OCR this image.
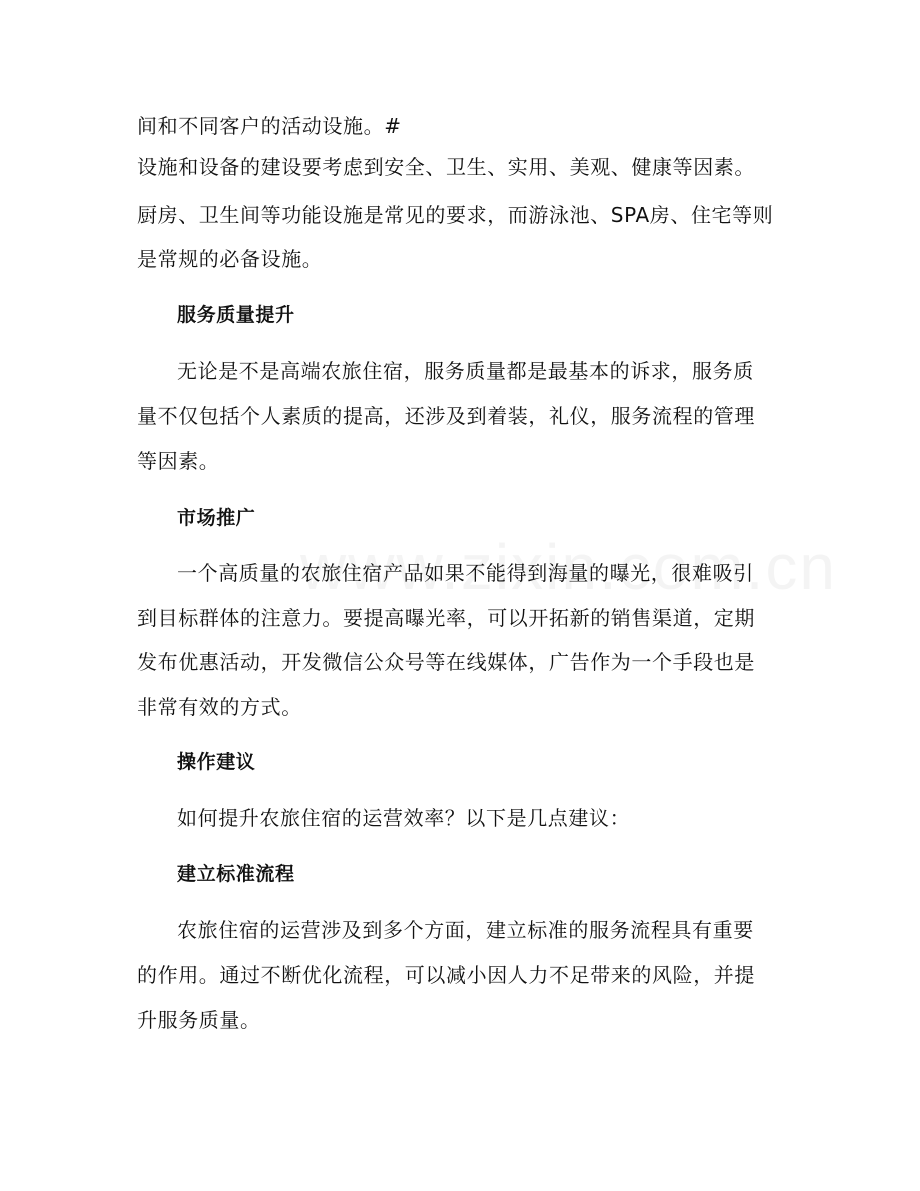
间和不同客户的活动设施。#
设施和设备的建设要考虑到安全、卫生、实用、美观、健康等因素。
厨房、卫生间等功能设施是常见的要求，而游泳池、SPA房、住宅等则
是常规的必备设施。
服务质量提升
无论是不是高端农旅住宿，服务质量都是最基本的诉求，服务质
量不仅包括个人素质的提高，还涉及到着装，礼仪，服务流程的管理
等因素。
市场推广
一个高质量的农旅住宿产品如果不能得到海量的曝光，很难吸引
到目标群体的注意力。要提高曝光率，可以开拓新的销售渠道，定期
发布优惠活动，开发微信公众号等在线媒体，广告作为一个手段也是
非常有效的方式。
操作建议
如何提升农旅住宿的运营效率？以下是几点建议：
建立标准流程
农旅住宿的运营涉及到多个方面，建立标准的服务流程具有重要
的作用。通过不断优化流程，可以减小因人力不足带来的风险，并提
升服务质量。
